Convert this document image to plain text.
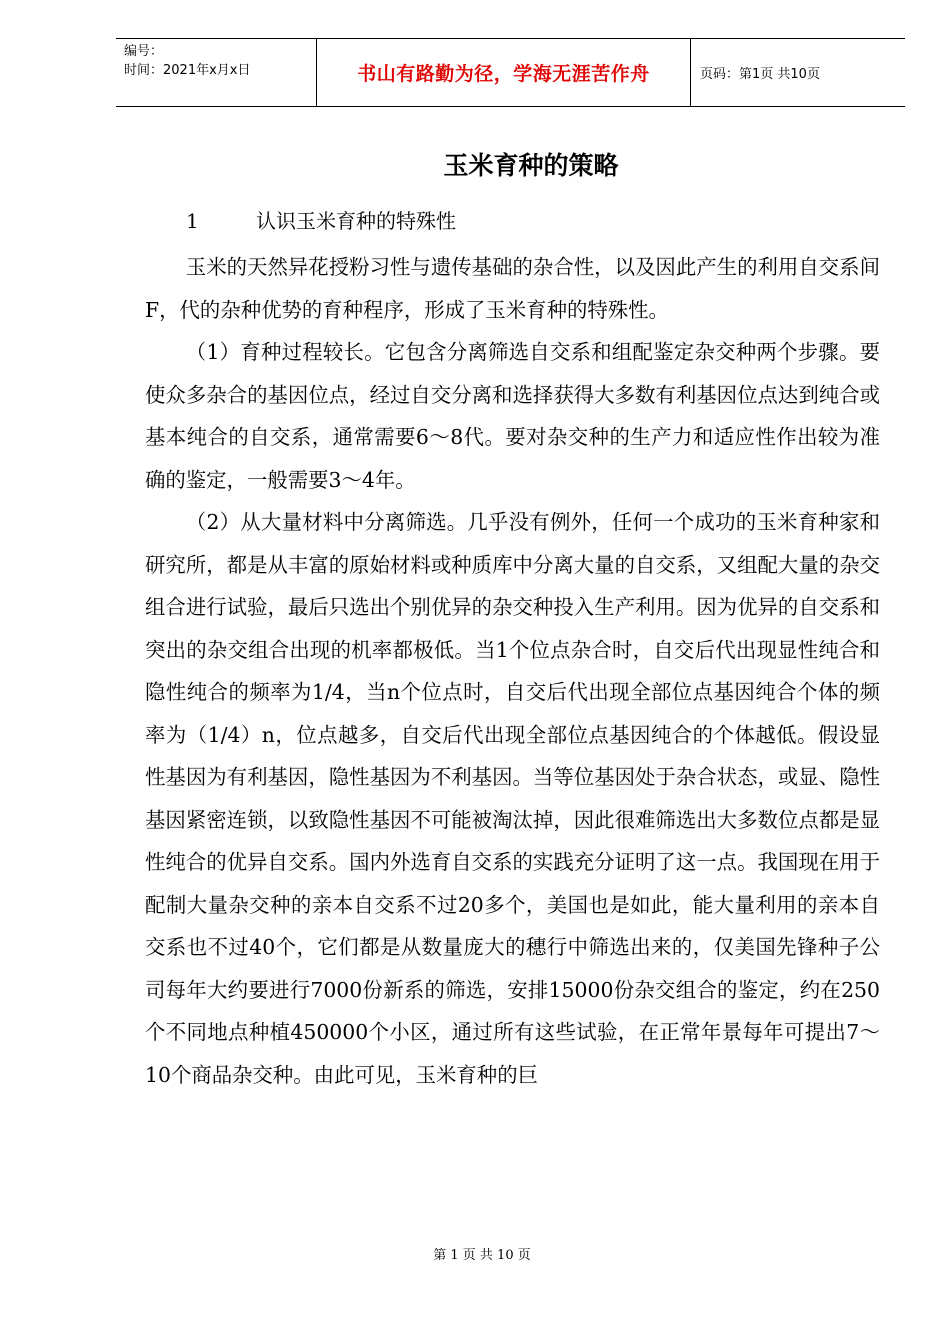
编号：
时间：2021年x月x日	书山有路勤为径，学海无涯苦作舟	页码：第1页 共10页
玉米育种的策略
1	认识玉米育种的特殊性

玉米的天然异花授粉习性与遗传基础的杂合性，以及因此产生的利用自交系间F，代的杂种优势的育种程序，形成了玉米育种的特殊性。

（1）育种过程较长。它包含分离筛选自交系和组配鉴定杂交种两个步骤。要使众多杂合的基因位点，经过自交分离和选择获得大多数有利基因位点达到纯合或基本纯合的自交系，通常需要6～8代。要对杂交种的生产力和适应性作出较为准确的鉴定，一般需要3～4年。

（2）从大量材料中分离筛选。几乎没有例外，任何一个成功的玉米育种家和研究所，都是从丰富的原始材料或种质库中分离大量的自交系，又组配大量的杂交组合进行试验，最后只选出个别优异的杂交种投入生产利用。因为优异的自交系和突出的杂交组合出现的机率都极低。当1个位点杂合时，自交后代出现显性纯合和隐性纯合的频率为1/4，当n个位点时，自交后代出现全部位点基因纯合个体的频率为（1/4）n，位点越多，自交后代出现全部位点基因纯合的个体越低。假设显性基因为有利基因，隐性基因为不利基因。当等位基因处于杂合状态，或显、隐性基因紧密连锁，以致隐性基因不可能被淘汰掉，因此很难筛选出大多数位点都是显性纯合的优异自交系。国内外选育自交系的实践充分证明了这一点。我国现在用于配制大量杂交种的亲本自交系不过20多个，美国也是如此，能大量利用的亲本自交系也不过40个，它们都是从数量庞大的穗行中筛选出来的，仅美国先锋种子公司每年大约要进行7000份新系的筛选，安排15000份杂交组合的鉴定，约在250个不同地点种植450000个小区，通过所有这些试验，在正常年景每年可提出7～10个商品杂交种。由此可见，玉米育种的巨

第 1 页 共 10 页
